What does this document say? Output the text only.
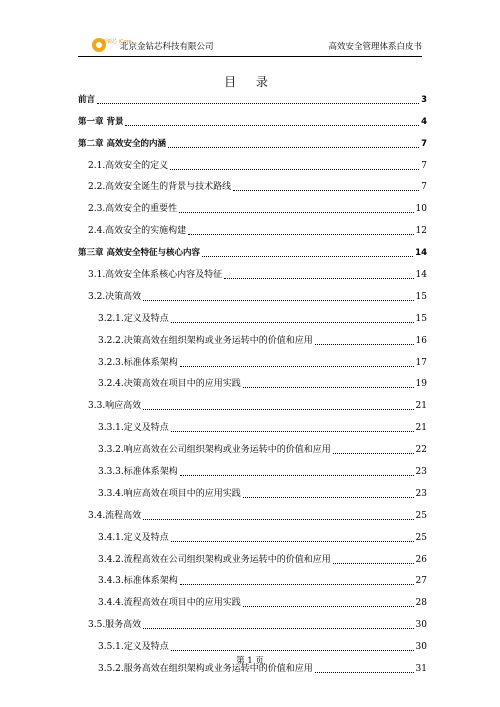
新锐芯 iCore
北京金钻芯科技有限公司	高效安全管理体系白皮书
目 录
前言	3
第一章 背景	4
第二章 高效安全的内涵	7
2.1.高效安全的定义	7
2.2.高效安全诞生的背景与技术路线	7
2.3.高效安全的重要性	10
2.4.高效安全的实施构建	12
第三章 高效安全特征与核心内容	14
3.1.高效安全体系核心内容及特征	14
3.2.决策高效	15
3.2.1.定义及特点	15
3.2.2.决策高效在组织架构或业务运转中的价值和应用	16
3.2.3.标准体系架构	17
3.2.4.决策高效在项目中的应用实践	19
3.3.响应高效	21
3.3.1.定义及特点	21
3.3.2.响应高效在公司组织架构或业务运转中的价值和应用	22
3.3.3.标准体系架构	23
3.3.4.响应高效在项目中的应用实践	23
3.4.流程高效	25
3.4.1.定义及特点	25
3.4.2.流程高效在公司组织架构或业务运转中的价值和应用	26
3.4.3.标准体系架构	27
3.4.4.流程高效在项目中的应用实践	28
3.5.服务高效	30
3.5.1.定义及特点	30
3.5.2.服务高效在组织架构或业务运转中的价值和应用	31
第 1 页
